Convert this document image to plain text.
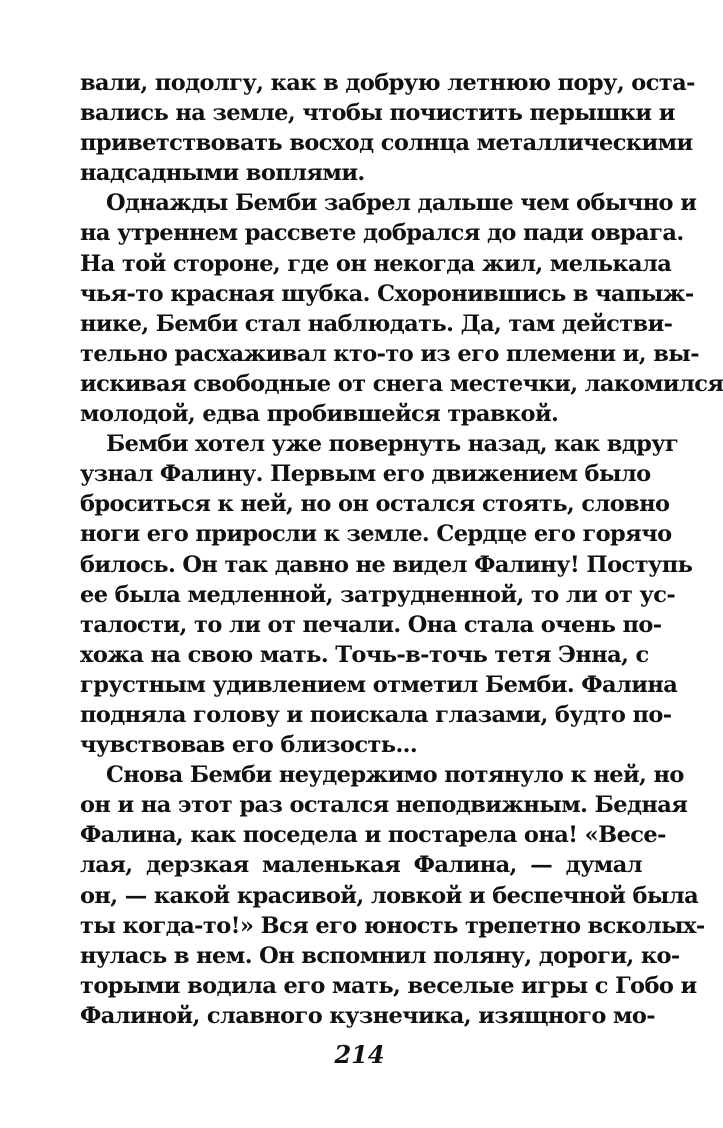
вали, подолгу, как в добрую летнюю пору, оста-
вались на земле, чтобы почистить перышки и
приветствовать восход солнца металлическими
надсадными воплями.
Однажды Бемби забрел дальше чем обычно и
на утреннем рассвете добрался до пади оврага.
На той стороне, где он некогда жил, мелькала
чья-то красная шубка. Схоронившись в чапыж-
нике, Бемби стал наблюдать. Да, там действи-
тельно расхаживал кто-то из его племени и, вы-
искивая свободные от снега местечки, лакомился
молодой, едва пробившейся травкой.
Бемби хотел уже повернуть назад, как вдруг
узнал Фалину. Первым его движением было
броситься к ней, но он остался стоять, словно
ноги его приросли к земле. Сердце его горячо
билось. Он так давно не видел Фалину! Поступь
ее была медленной, затрудненной, то ли от ус-
талости, то ли от печали. Она стала очень по-
хожа на свою мать. Точь-в-точь тетя Энна, с
грустным удивлением отметил Бемби. Фалина
подняла голову и поискала глазами, будто по-
чувствовав его близость...
Снова Бемби неудержимо потянуло к ней, но
он и на этот раз остался неподвижным. Бедная
Фалина, как поседела и постарела она! «Весе-
лая, дерзкая маленькая Фалина, — думал
он, — какой красивой, ловкой и беспечной была
ты когда-то!» Вся его юность трепетно всколых-
нулась в нем. Он вспомнил поляну, дороги, ко-
торыми водила его мать, веселые игры с Гобо и
Фалиной, славного кузнечика, изящного мо-
214
